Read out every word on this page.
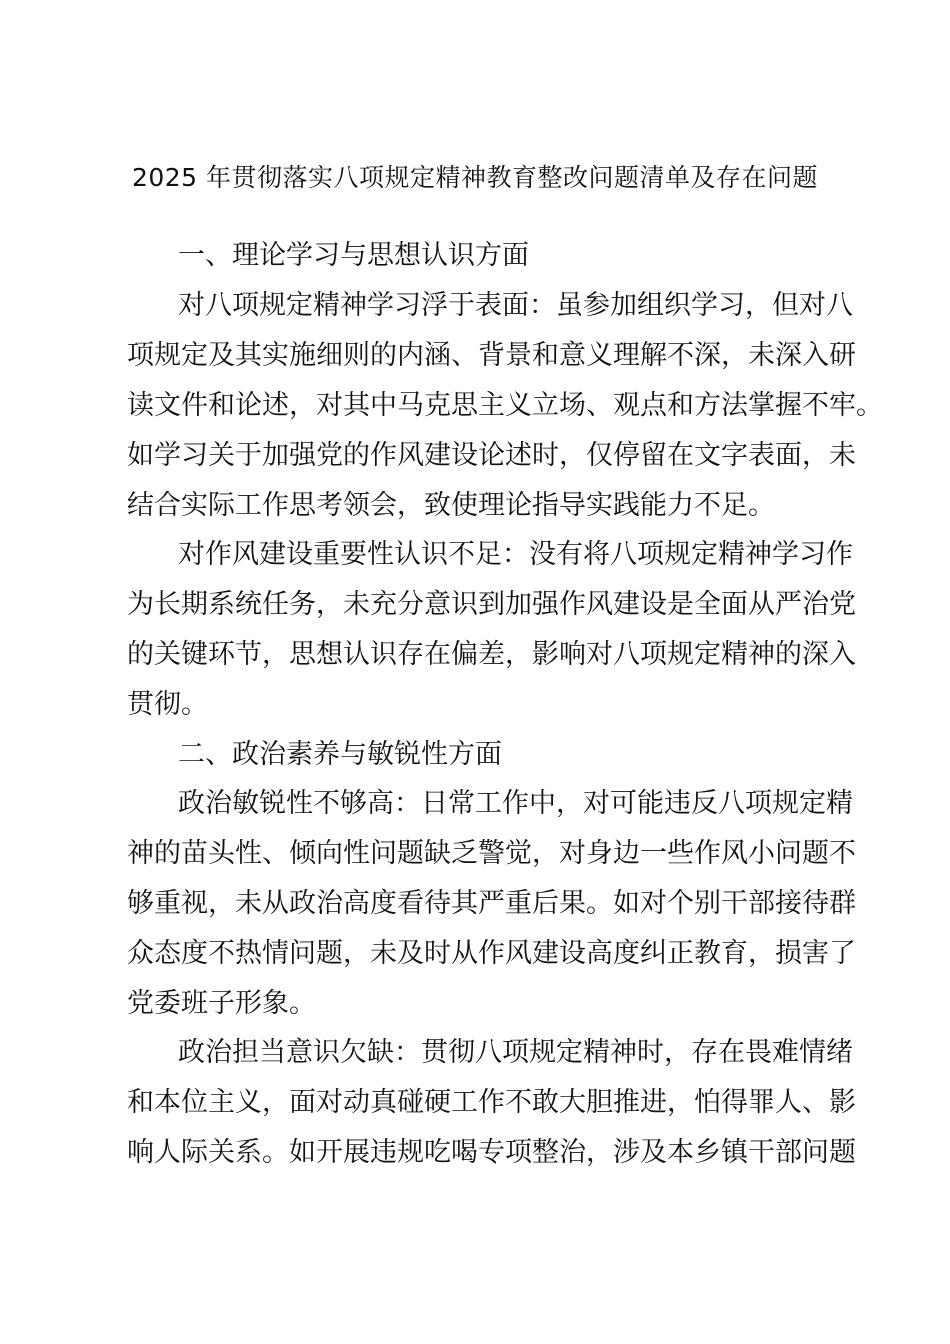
2025 年贯彻落实八项规定精神教育整改问题清单及存在问题
一、理论学习与思想认识方面
对八项规定精神学习浮于表面：虽参加组织学习，但对八
项规定及其实施细则的内涵、背景和意义理解不深，未深入研
读文件和论述，对其中马克思主义立场、观点和方法掌握不牢。
如学习关于加强党的作风建设论述时，仅停留在文字表面，未
结合实际工作思考领会，致使理论指导实践能力不足。
对作风建设重要性认识不足：没有将八项规定精神学习作
为长期系统任务，未充分意识到加强作风建设是全面从严治党
的关键环节，思想认识存在偏差，影响对八项规定精神的深入
贯彻。
二、政治素养与敏锐性方面
政治敏锐性不够高：日常工作中，对可能违反八项规定精
神的苗头性、倾向性问题缺乏警觉，对身边一些作风小问题不
够重视，未从政治高度看待其严重后果。如对个别干部接待群
众态度不热情问题，未及时从作风建设高度纠正教育，损害了
党委班子形象。
政治担当意识欠缺：贯彻八项规定精神时，存在畏难情绪
和本位主义，面对动真碰硬工作不敢大胆推进，怕得罪人、影
响人际关系。如开展违规吃喝专项整治，涉及本乡镇干部问题
